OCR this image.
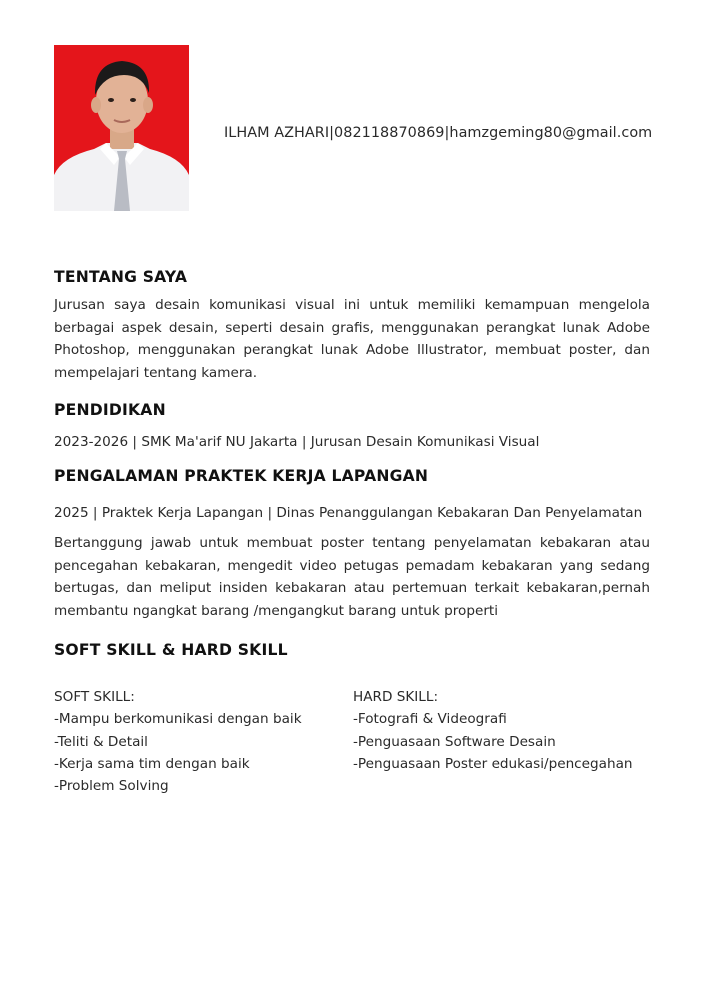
ILHAM AZHARI|082118870869|hamzgeming80@gmail.com
TENTANG SAYA
Jurusan saya desain komunikasi visual ini untuk memiliki kemampuan mengelola berbagai aspek desain, seperti desain grafis, menggunakan perangkat lunak Adobe Photoshop, menggunakan perangkat lunak Adobe Illustrator, membuat poster, dan mempelajari tentang kamera.
PENDIDIKAN
2023-2026 | SMK Ma'arif NU Jakarta | Jurusan Desain Komunikasi Visual
PENGALAMAN PRAKTEK KERJA LAPANGAN
2025 | Praktek Kerja Lapangan | Dinas Penanggulangan Kebakaran Dan Penyelamatan
Bertanggung jawab untuk membuat poster tentang penyelamatan kebakaran atau pencegahan kebakaran, mengedit video petugas pemadam kebakaran yang sedang bertugas, dan meliput insiden kebakaran atau pertemuan terkait kebakaran,pernah membantu ngangkat barang /mengangkut barang untuk properti
SOFT SKILL & HARD SKILL
SOFT SKILL:
-Mampu berkomunikasi dengan baik
-Teliti & Detail
-Kerja sama tim dengan baik
-Problem Solving
HARD SKILL:
-Fotografi & Videografi
-Penguasaan Software Desain
-Penguasaan Poster edukasi/pencegahan
